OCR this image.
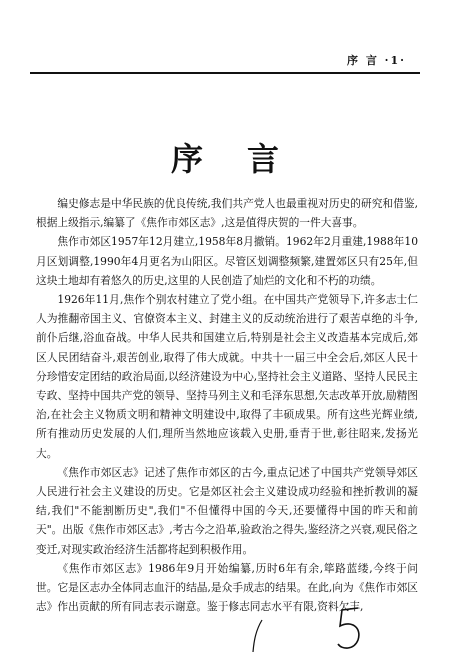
序 言 ·1·
序言

编史修志是中华民族的优良传统,我们共产党人也最重视对历史的研究和借鉴,根据上级指示,编纂了《焦作市郊区志》,这是值得庆贺的一件大喜事。

焦作市郊区1957年12月建立,1958年8月撤销。1962年2月重建,1988年10月区划调整,1990年4月更名为山阳区。尽管区划调整频繁,建置郊区只有25年,但这块土地却有着悠久的历史,这里的人民创造了灿烂的文化和不朽的功绩。

1926年11月,焦作个别农村建立了党小组。在中国共产党领导下,许多志士仁人为推翻帝国主义、官僚资本主义、封建主义的反动统治进行了艰苦卓绝的斗争,前仆后继,浴血奋战。中华人民共和国建立后,特别是社会主义改造基本完成后,郊区人民团结奋斗,艰苦创业,取得了伟大成就。中共十一届三中全会后,郊区人民十分珍惜安定团结的政治局面,以经济建设为中心,坚持社会主义道路、坚持人民民主专政、坚持中国共产党的领导、坚持马列主义和毛泽东思想,矢志改革开放,励精图治,在社会主义物质文明和精神文明建设中,取得了丰硕成果。所有这些光辉业绩,所有推动历史发展的人们,理所当然地应该载入史册,垂青于世,彰往昭来,发扬光大。

《焦作市郊区志》记述了焦作市郊区的古今,重点记述了中国共产党领导郊区人民进行社会主义建设的历史。它是郊区社会主义建设成功经验和挫折教训的凝结,我们"不能割断历史",我们"不但懂得中国的今天,还要懂得中国的昨天和前天"。出版《焦作市郊区志》,考古今之沿革,验政治之得失,鉴经济之兴衰,观民俗之变迁,对现实政治经济生活都将起到积极作用。

《焦作市郊区志》1986年9月开始编纂,历时6年有余,筚路蓝缕,今终于问世。它是区志办全体同志血汗的结晶,是众手成志的结果。在此,向为《焦作市郊区志》作出贡献的所有同志表示谢意。鉴于修志同志水平有限,资料欠丰,
